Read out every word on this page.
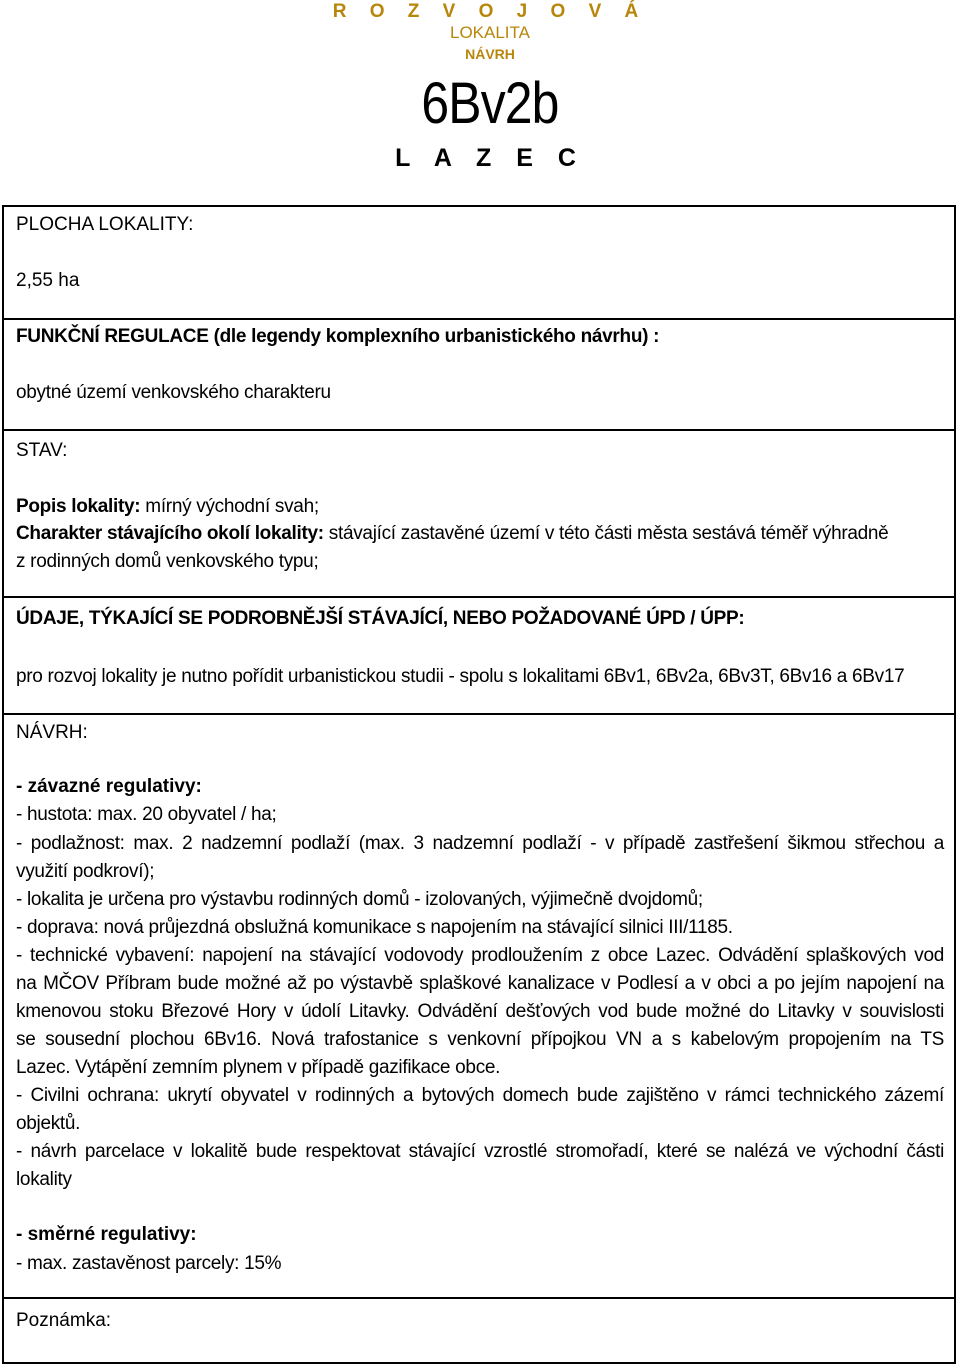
R O Z V O J O V Á
LOKALITA
NÁVRH
6Bv2b
L A Z E C
PLOCHA LOKALITY:
2,55 ha
FUNKČNÍ REGULACE (dle legendy komplexního urbanistického návrhu) :
obytné území venkovského charakteru
STAV:
Popis lokality: mírný východní svah;
Charakter stávajícího okolí lokality: stávající zastavěné území v této části města sestává téměř výhradně
z rodinných domů venkovského typu;
ÚDAJE, TÝKAJÍCÍ SE PODROBNĚJŠÍ STÁVAJÍCÍ, NEBO POŽADOVANÉ ÚPD / ÚPP:
pro rozvoj lokality je nutno pořídit urbanistickou studii - spolu s lokalitami 6Bv1, 6Bv2a, 6Bv3T, 6Bv16 a 6Bv17
NÁVRH:
- závazné regulativy:
- hustota: max. 20 obyvatel / ha;
- podlažnost: max. 2 nadzemní podlaží (max. 3 nadzemní podlaží - v případě zastřešení šikmou střechou a
využití podkroví);
- lokalita je určena pro výstavbu rodinných domů - izolovaných, výjimečně dvojdomů;
- doprava: nová průjezdná obslužná komunikace s napojením na stávající silnici III/1185.
- technické vybavení: napojení na stávající vodovody prodloužením z obce Lazec. Odvádění splaškových vod
na MČOV Příbram bude možné až po výstavbě splaškové kanalizace v Podlesí a v obci a po jejím napojení na
kmenovou stoku Březové Hory v údolí Litavky. Odvádění dešťových vod bude možné do Litavky v souvislosti
se sousední plochou 6Bv16. Nová trafostanice s venkovní přípojkou VN a s kabelovým propojením na TS
Lazec. Vytápění zemním plynem v případě gazifikace obce.
- Civilni ochrana: ukrytí obyvatel v rodinných a bytových domech bude zajištěno v rámci technického zázemí
objektů.
- návrh parcelace v lokalitě bude respektovat stávající vzrostlé stromořadí, které se nalézá ve východní části
lokality
- směrné regulativy:
- max. zastavěnost parcely: 15%
Poznámka:
